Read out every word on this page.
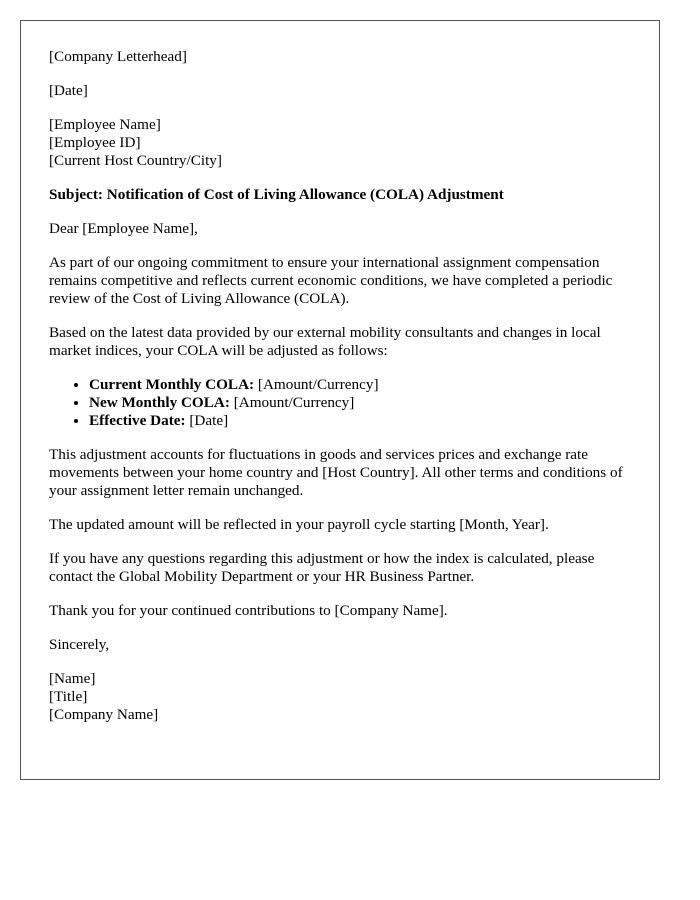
[Company Letterhead]

[Date]

[Employee Name]
[Employee ID]
[Current Host Country/City]

Subject: Notification of Cost of Living Allowance (COLA) Adjustment

Dear [Employee Name],

As part of our ongoing commitment to ensure your international assignment compensation remains competitive and reflects current economic conditions, we have completed a periodic review of the Cost of Living Allowance (COLA).

Based on the latest data provided by our external mobility consultants and changes in local market indices, your COLA will be adjusted as follows:

• Current Monthly COLA: [Amount/Currency]
• New Monthly COLA: [Amount/Currency]
• Effective Date: [Date]

This adjustment accounts for fluctuations in goods and services prices and exchange rate movements between your home country and [Host Country]. All other terms and conditions of your assignment letter remain unchanged.

The updated amount will be reflected in your payroll cycle starting [Month, Year].

If you have any questions regarding this adjustment or how the index is calculated, please contact the Global Mobility Department or your HR Business Partner.

Thank you for your continued contributions to [Company Name].

Sincerely,

[Name]
[Title]
[Company Name]
